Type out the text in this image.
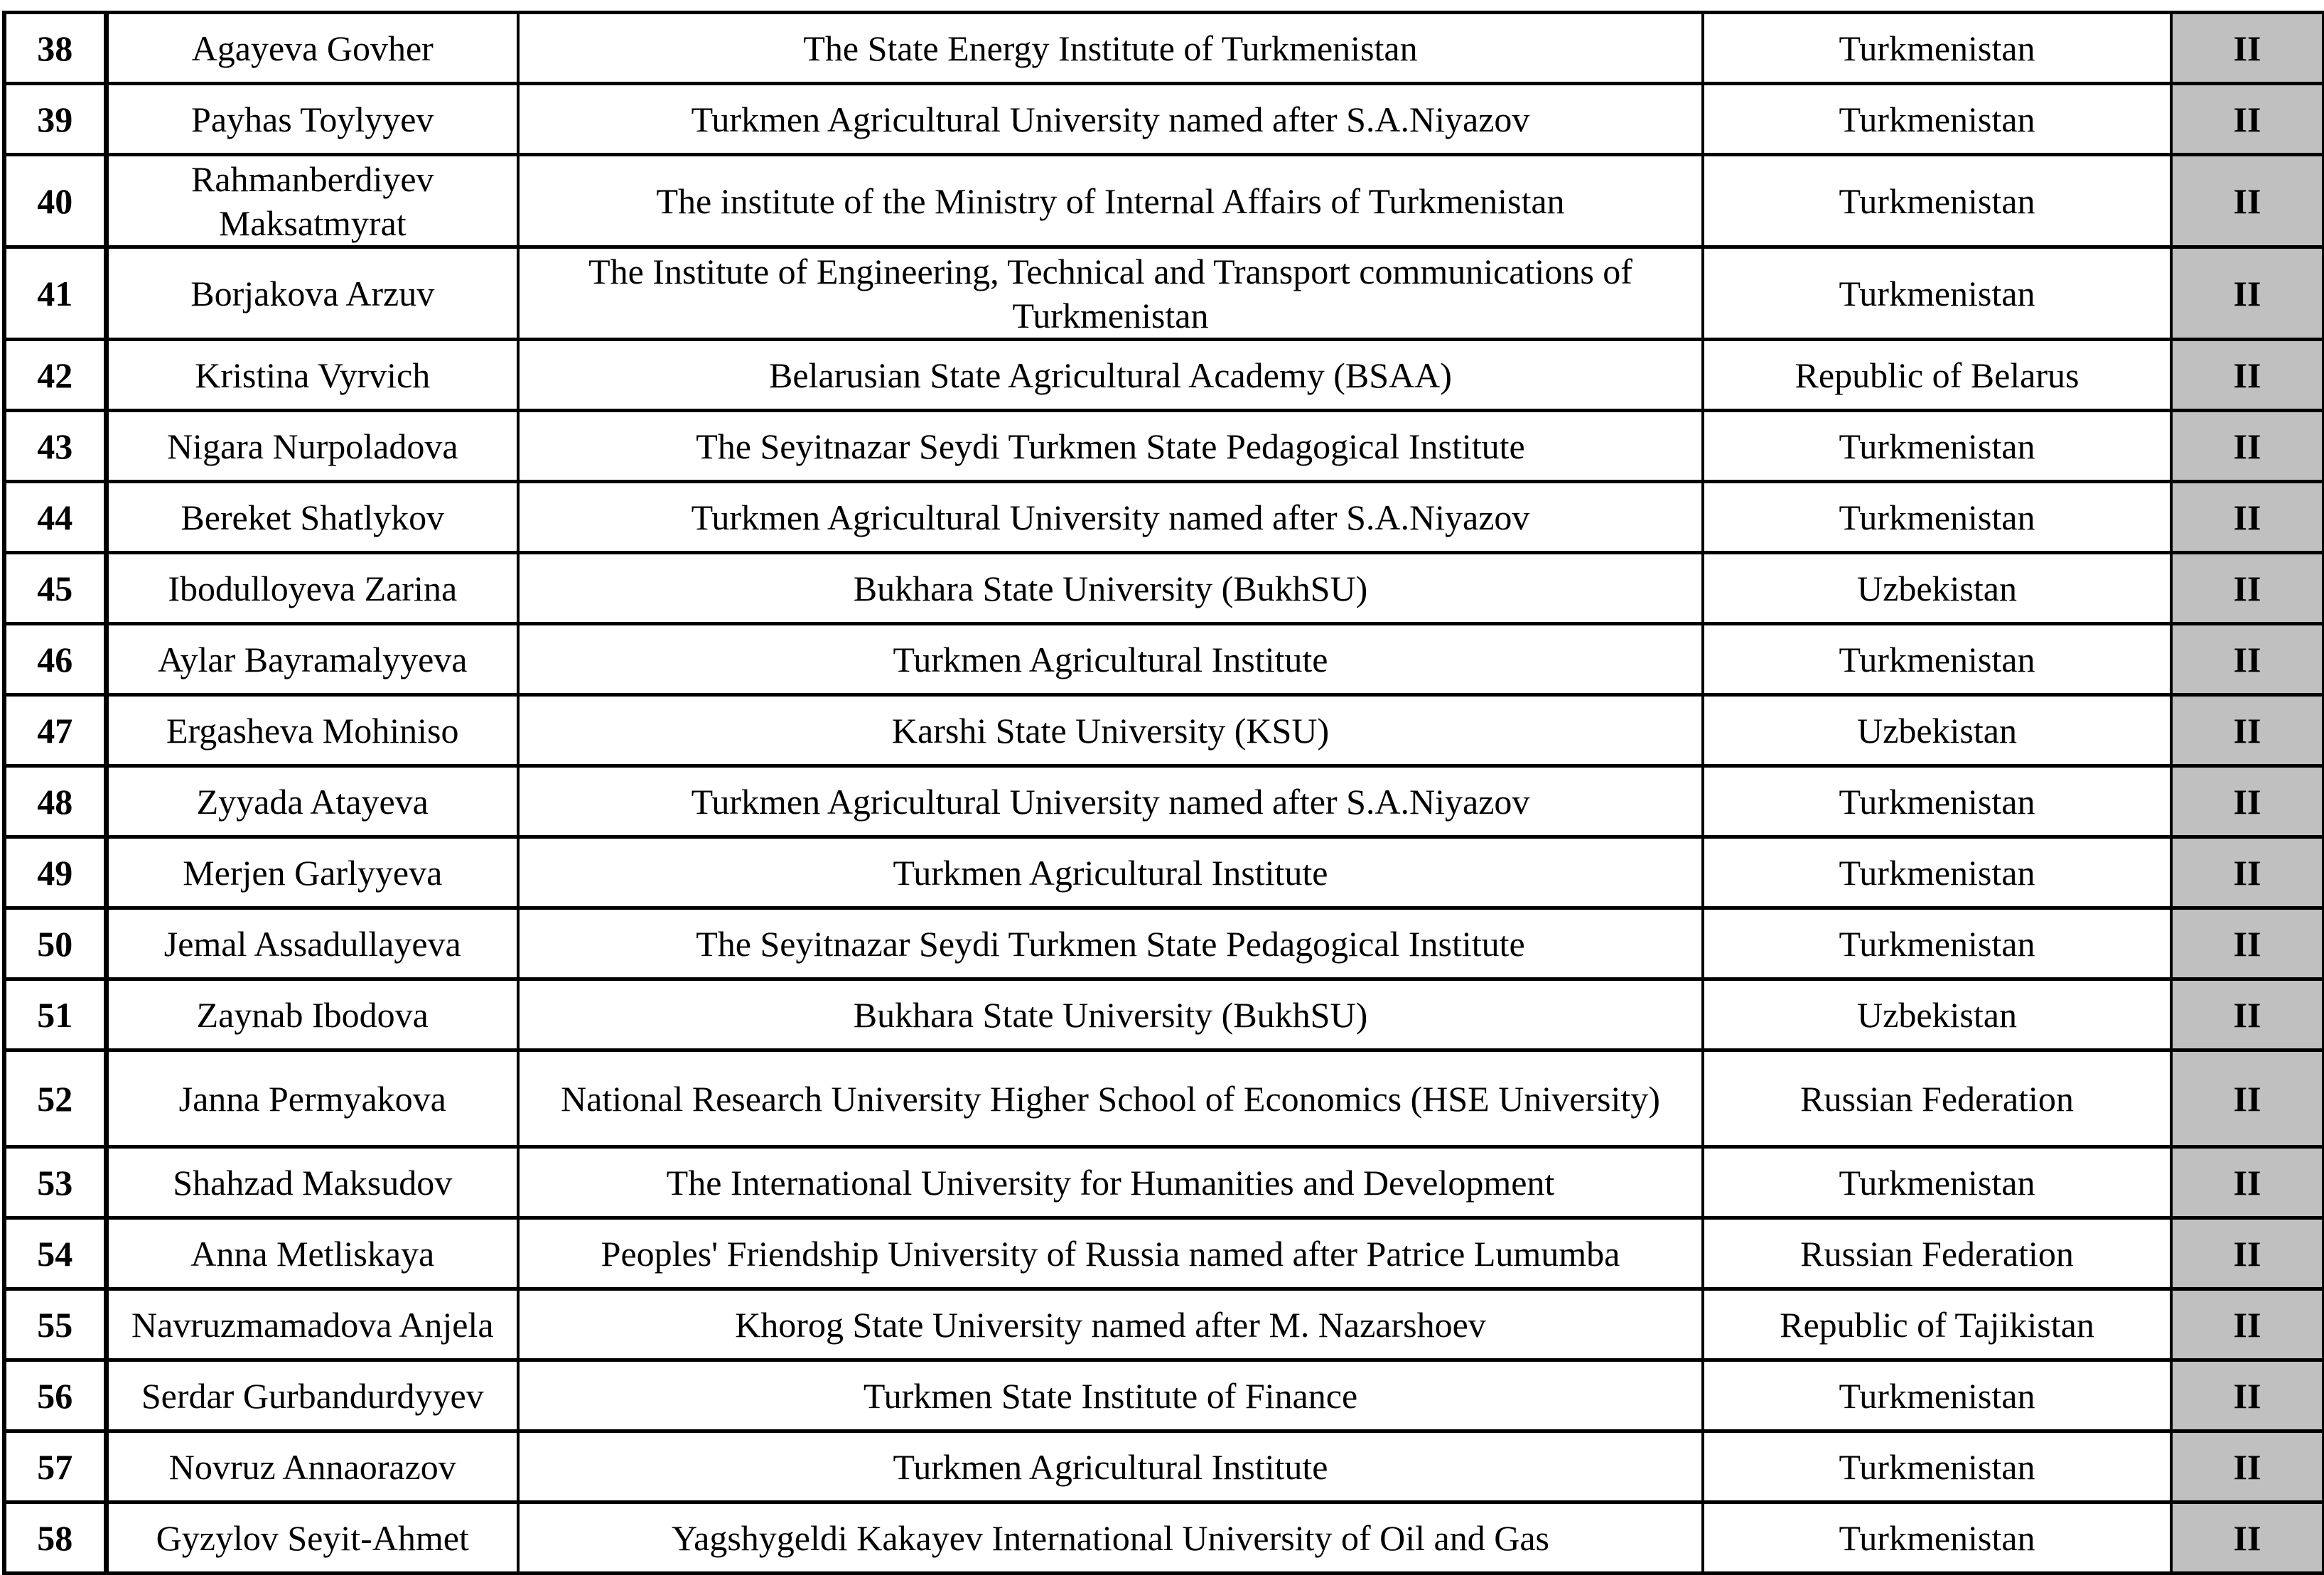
38	Agayeva Govher	The State Energy Institute of Turkmenistan	Turkmenistan	II
39	Payhas Toylyyev	Turkmen Agricultural University named after S.A.Niyazov	Turkmenistan	II
40	Rahmanberdiyev Maksatmyrat	The institute of the Ministry of Internal Affairs of Turkmenistan	Turkmenistan	II
41	Borjakova Arzuv	The Institute of Engineering, Technical and Transport communications of Turkmenistan	Turkmenistan	II
42	Kristina Vyrvich	Belarusian State Agricultural Academy (BSAA)	Republic of Belarus	II
43	Nigara Nurpoladova	The Seyitnazar Seydi Turkmen State Pedagogical Institute	Turkmenistan	II
44	Bereket Shatlykov	Turkmen Agricultural University named after S.A.Niyazov	Turkmenistan	II
45	Ibodulloyeva Zarina	Bukhara State University (BukhSU)	Uzbekistan	II
46	Aylar Bayramalyyeva	Turkmen Agricultural Institute	Turkmenistan	II
47	Ergasheva Mohiniso	Karshi State University (KSU)	Uzbekistan	II
48	Zyyada Atayeva	Turkmen Agricultural University named after S.A.Niyazov	Turkmenistan	II
49	Merjen Garlyyeva	Turkmen Agricultural Institute	Turkmenistan	II
50	Jemal Assadullayeva	The Seyitnazar Seydi Turkmen State Pedagogical Institute	Turkmenistan	II
51	Zaynab Ibodova	Bukhara State University (BukhSU)	Uzbekistan	II
52	Janna Permyakova	National Research University Higher School of Economics (HSE University)	Russian Federation	II
53	Shahzad Maksudov	The International University for Humanities and Development	Turkmenistan	II
54	Anna Metliskaya	Peoples' Friendship University of Russia named after Patrice Lumumba	Russian Federation	II
55	Navruzmamadova Anjela	Khorog State University named after M. Nazarshoev	Republic of Tajikistan	II
56	Serdar Gurbandurdyyev	Turkmen State Institute of Finance	Turkmenistan	II
57	Novruz Annaorazov	Turkmen Agricultural Institute	Turkmenistan	II
58	Gyzylov Seyit-Ahmet	Yagshygeldi Kakayev International University of Oil and Gas	Turkmenistan	II
